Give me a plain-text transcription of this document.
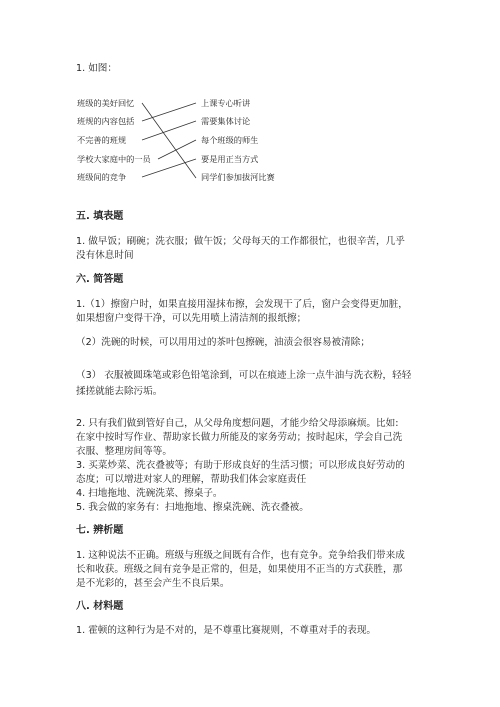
1. 如图：
班级的美好回忆
班规的内容包括
不完善的班规
学校大家庭中的一员
班级间的竞争
上课专心听讲
需要集体讨论
每个班级的师生
要是用正当方式
同学们参加拔河比赛
五. 填表题
1. 做早饭；刷碗；洗衣服；做午饭；父母每天的工作都很忙，也很辛苦，几乎
没有休息时间
六. 简答题
1.（1）擦窗户时，如果直接用湿抹布擦，会发现干了后，窗户会变得更加脏，
如果想窗户变得干净，可以先用喷上清洁剂的报纸擦；
（2）洗碗的时候，可以用用过的茶叶包擦碗，油渍会很容易被清除；
（3） 衣服被圆珠笔或彩色铅笔涂到，可以在痕迹上涂一点牛油与洗衣粉，轻轻
揉搓就能去除污垢。
2. 只有我们做到管好自己，从父母角度想问题，才能少给父母添麻烦。比如:
在家中按时写作业、帮助家长做力所能及的家务劳动；按时起床，学会自己洗
衣服、整理房间等等。
3. 买菜炒菜、洗衣叠被等；有助于形成良好的生活习惯；可以形成良好劳动的
态度；可以增进对家人的理解，帮助我们体会家庭责任
4. 扫地拖地、洗碗洗菜、擦桌子。
5. 我会做的家务有：扫地拖地、擦桌洗碗、洗衣叠被。
七. 辨析题
1. 这种说法不正确。班级与班级之间既有合作，也有竞争。竞争给我们带来成
长和收获。班级之间有竞争是正常的，但是，如果使用不正当的方式获胜，那
是不光彩的，甚至会产生不良后果。
八. 材料题
1. 霍顿的这种行为是不对的，是不尊重比赛规则，不尊重对手的表现。
